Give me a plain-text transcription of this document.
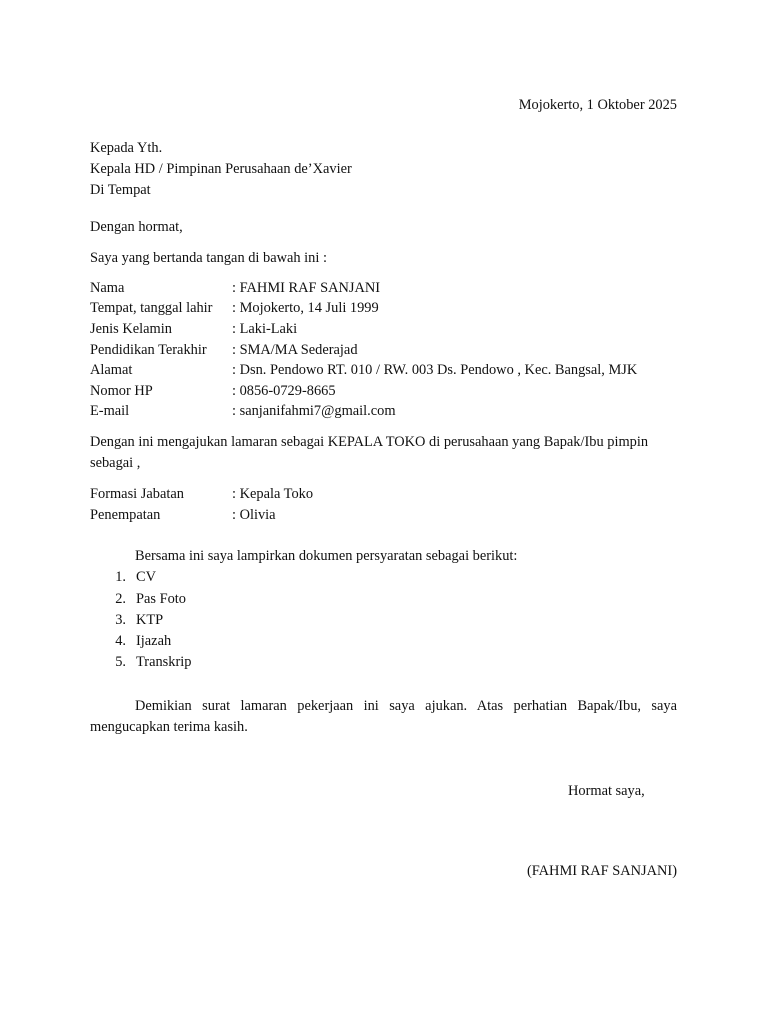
Mojokerto, 1 Oktober 2025
Kepada Yth.
Kepala HD / Pimpinan Perusahaan de’Xavier
Di Tempat
Dengan hormat,
Saya yang bertanda tangan di bawah ini :
Nama	: FAHMI RAF SANJANI
Tempat, tanggal lahir : Mojokerto, 14 Juli 1999
Jenis Kelamin	: Laki-Laki
Pendidikan Terakhir : SMA/MA Sederajad
Alamat	: Dsn. Pendowo RT. 010 / RW. 003 Ds. Pendowo , Kec. Bangsal, MJK
Nomor HP	: 0856-0729-8665
E-mail	: sanjanifahmi7@gmail.com
Dengan ini mengajukan lamaran sebagai KEPALA TOKO di perusahaan yang Bapak/Ibu pimpin
sebagai ,
Formasi Jabatan	: Kepala Toko
Penempatan	: Olivia
Bersama ini saya lampirkan dokumen persyaratan sebagai berikut:
1. CV
2. Pas Foto
3. KTP
4. Ijazah
5. Transkrip
Demikian surat lamaran pekerjaan ini saya ajukan. Atas perhatian Bapak/Ibu, saya mengucapkan terima kasih.
Hormat saya,
(FAHMI RAF SANJANI)
